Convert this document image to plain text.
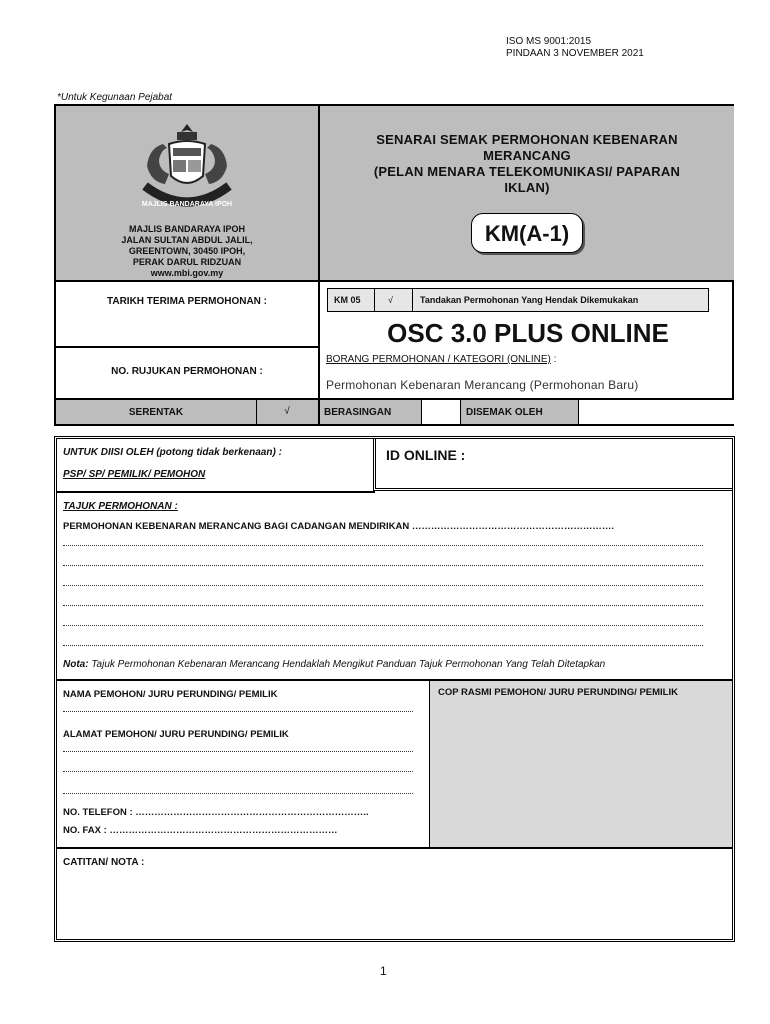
ISO MS 9001:2015
PINDAAN 3 NOVEMBER 2021
*Untuk Kegunaan Pejabat
MAJLIS BANDARAYA IPOH
MAJLIS BANDARAYA IPOH
JALAN SULTAN ABDUL JALIL,
GREENTOWN, 30450 IPOH,
PERAK DARUL RIDZUAN
www.mbi.gov.my
SENARAI SEMAK PERMOHONAN KEBENARAN
MERANCANG
(PELAN MENARA TELEKOMUNIKASI/ PAPARAN
IKLAN)
KM(A-1)
TARIKH TERIMA PERMOHONAN :
NO. RUJUKAN PERMOHONAN :
KM 05	√	Tandakan Permohonan Yang Hendak Dikemukakan
OSC 3.0 PLUS ONLINE
BORANG PERMOHONAN / KATEGORI (ONLINE) :
Permohonan Kebenaran Merancang (Permohonan Baru)
SERENTAK	√	BERASINGAN	DISEMAK OLEH
UNTUK DIISI OLEH (potong tidak berkenaan) :
PSP/ SP/ PEMILIK/ PEMOHON
ID ONLINE :
TAJUK PERMOHONAN :
PERMOHONAN KEBENARAN MERANCANG BAGI CADANGAN MENDIRIKAN ……………………………………………………….
Nota: Tajuk Permohonan Kebenaran Merancang Hendaklah Mengikut Panduan Tajuk Permohonan Yang Telah Ditetapkan
NAMA PEMOHON/ JURU PERUNDING/ PEMILIK
ALAMAT PEMOHON/ JURU PERUNDING/ PEMILIK
NO. TELEFON : ………………………………………………………………..
NO. FAX : ………………………………………………………………
COP RASMI PEMOHON/ JURU PERUNDING/ PEMILIK
CATITAN/ NOTA :
1
